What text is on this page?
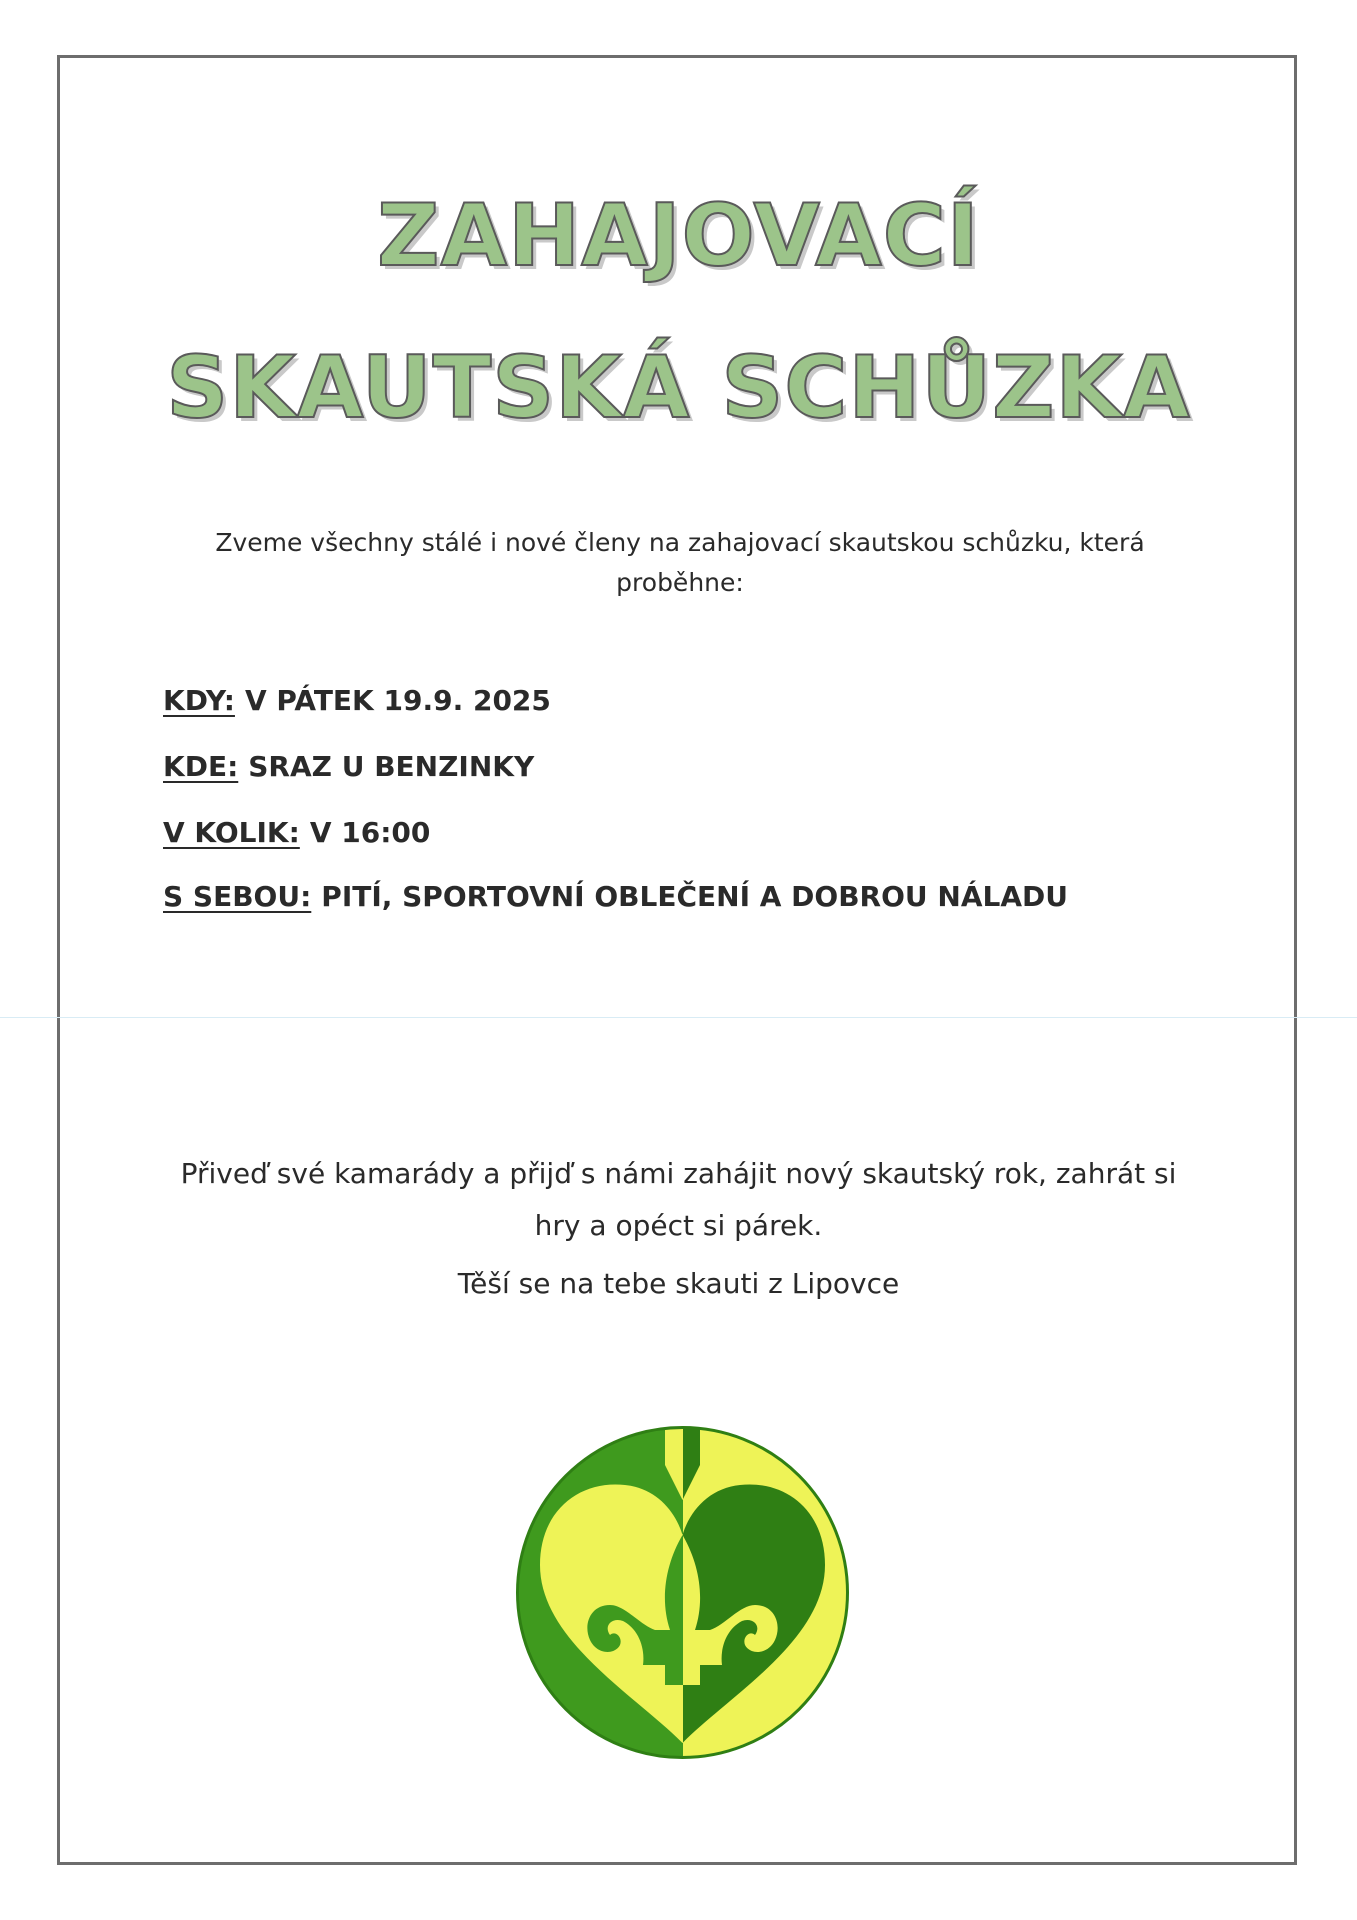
ZAHAJOVACÍ
SKAUTSKÁ SCHŮZKA
Zveme všechny stálé i nové členy na zahajovací skautskou schůzku, která
proběhne:
KDY: V PÁTEK 19.9. 2025
KDE: SRAZ U BENZINKY
V KOLIK: V 16:00
S SEBOU: PITÍ, SPORTOVNÍ OBLEČENÍ A DOBROU NÁLADU
Přiveď své kamarády a přijď s námi zahájit nový skautský rok, zahrát si
hry a opéct si párek.
Těší se na tebe skauti z Lipovce
